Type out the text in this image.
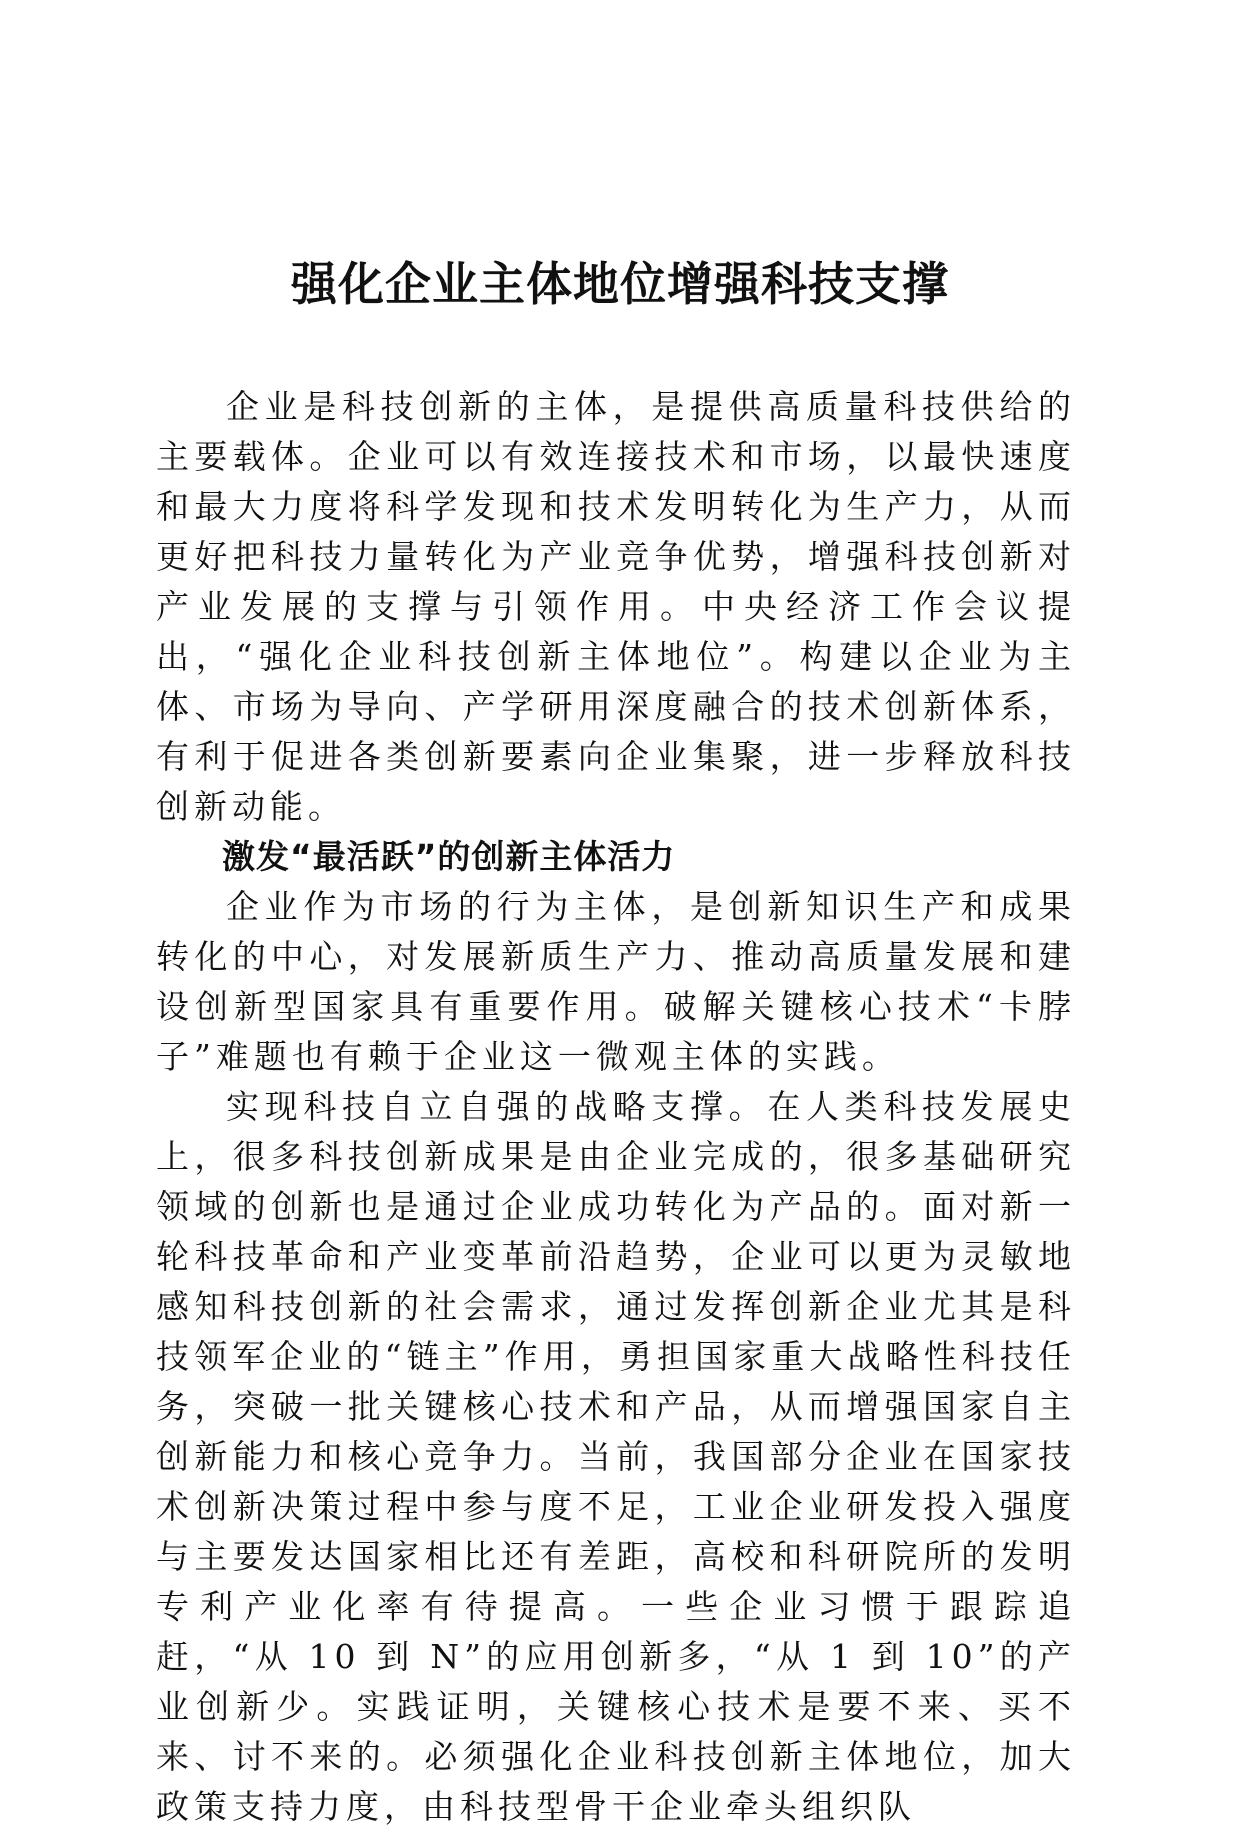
强化企业主体地位增强科技支撑

企业是科技创新的主体，是提供高质量科技供给的主要载体。企业可以有效连接技术和市场，以最快速度和最大力度将科学发现和技术发明转化为生产力，从而更好把科技力量转化为产业竞争优势，增强科技创新对产业发展的支撑与引领作用。中央经济工作会议提出，“强化企业科技创新主体地位”。构建以企业为主体、市场为导向、产学研用深度融合的技术创新体系，有利于促进各类创新要素向企业集聚，进一步释放科技创新动能。

激发“最活跃”的创新主体活力

企业作为市场的行为主体，是创新知识生产和成果转化的中心，对发展新质生产力、推动高质量发展和建设创新型国家具有重要作用。破解关键核心技术“卡脖子”难题也有赖于企业这一微观主体的实践。

实现科技自立自强的战略支撑。在人类科技发展史上，很多科技创新成果是由企业完成的，很多基础研究领域的创新也是通过企业成功转化为产品的。面对新一轮科技革命和产业变革前沿趋势，企业可以更为灵敏地感知科技创新的社会需求，通过发挥创新企业尤其是科技领军企业的“链主”作用，勇担国家重大战略性科技任务，突破一批关键核心技术和产品，从而增强国家自主创新能力和核心竞争力。当前，我国部分企业在国家技术创新决策过程中参与度不足，工业企业研发投入强度与主要发达国家相比还有差距，高校和科研院所的发明专利产业化率有待提高。一些企业习惯于跟踪追赶，“从 10 到 N”的应用创新多，“从 1 到 10”的产业创新少。实践证明，关键核心技术是要不来、买不来、讨不来的。必须强化企业科技创新主体地位，加大政策支持力度，由科技型骨干企业牵头组织队
